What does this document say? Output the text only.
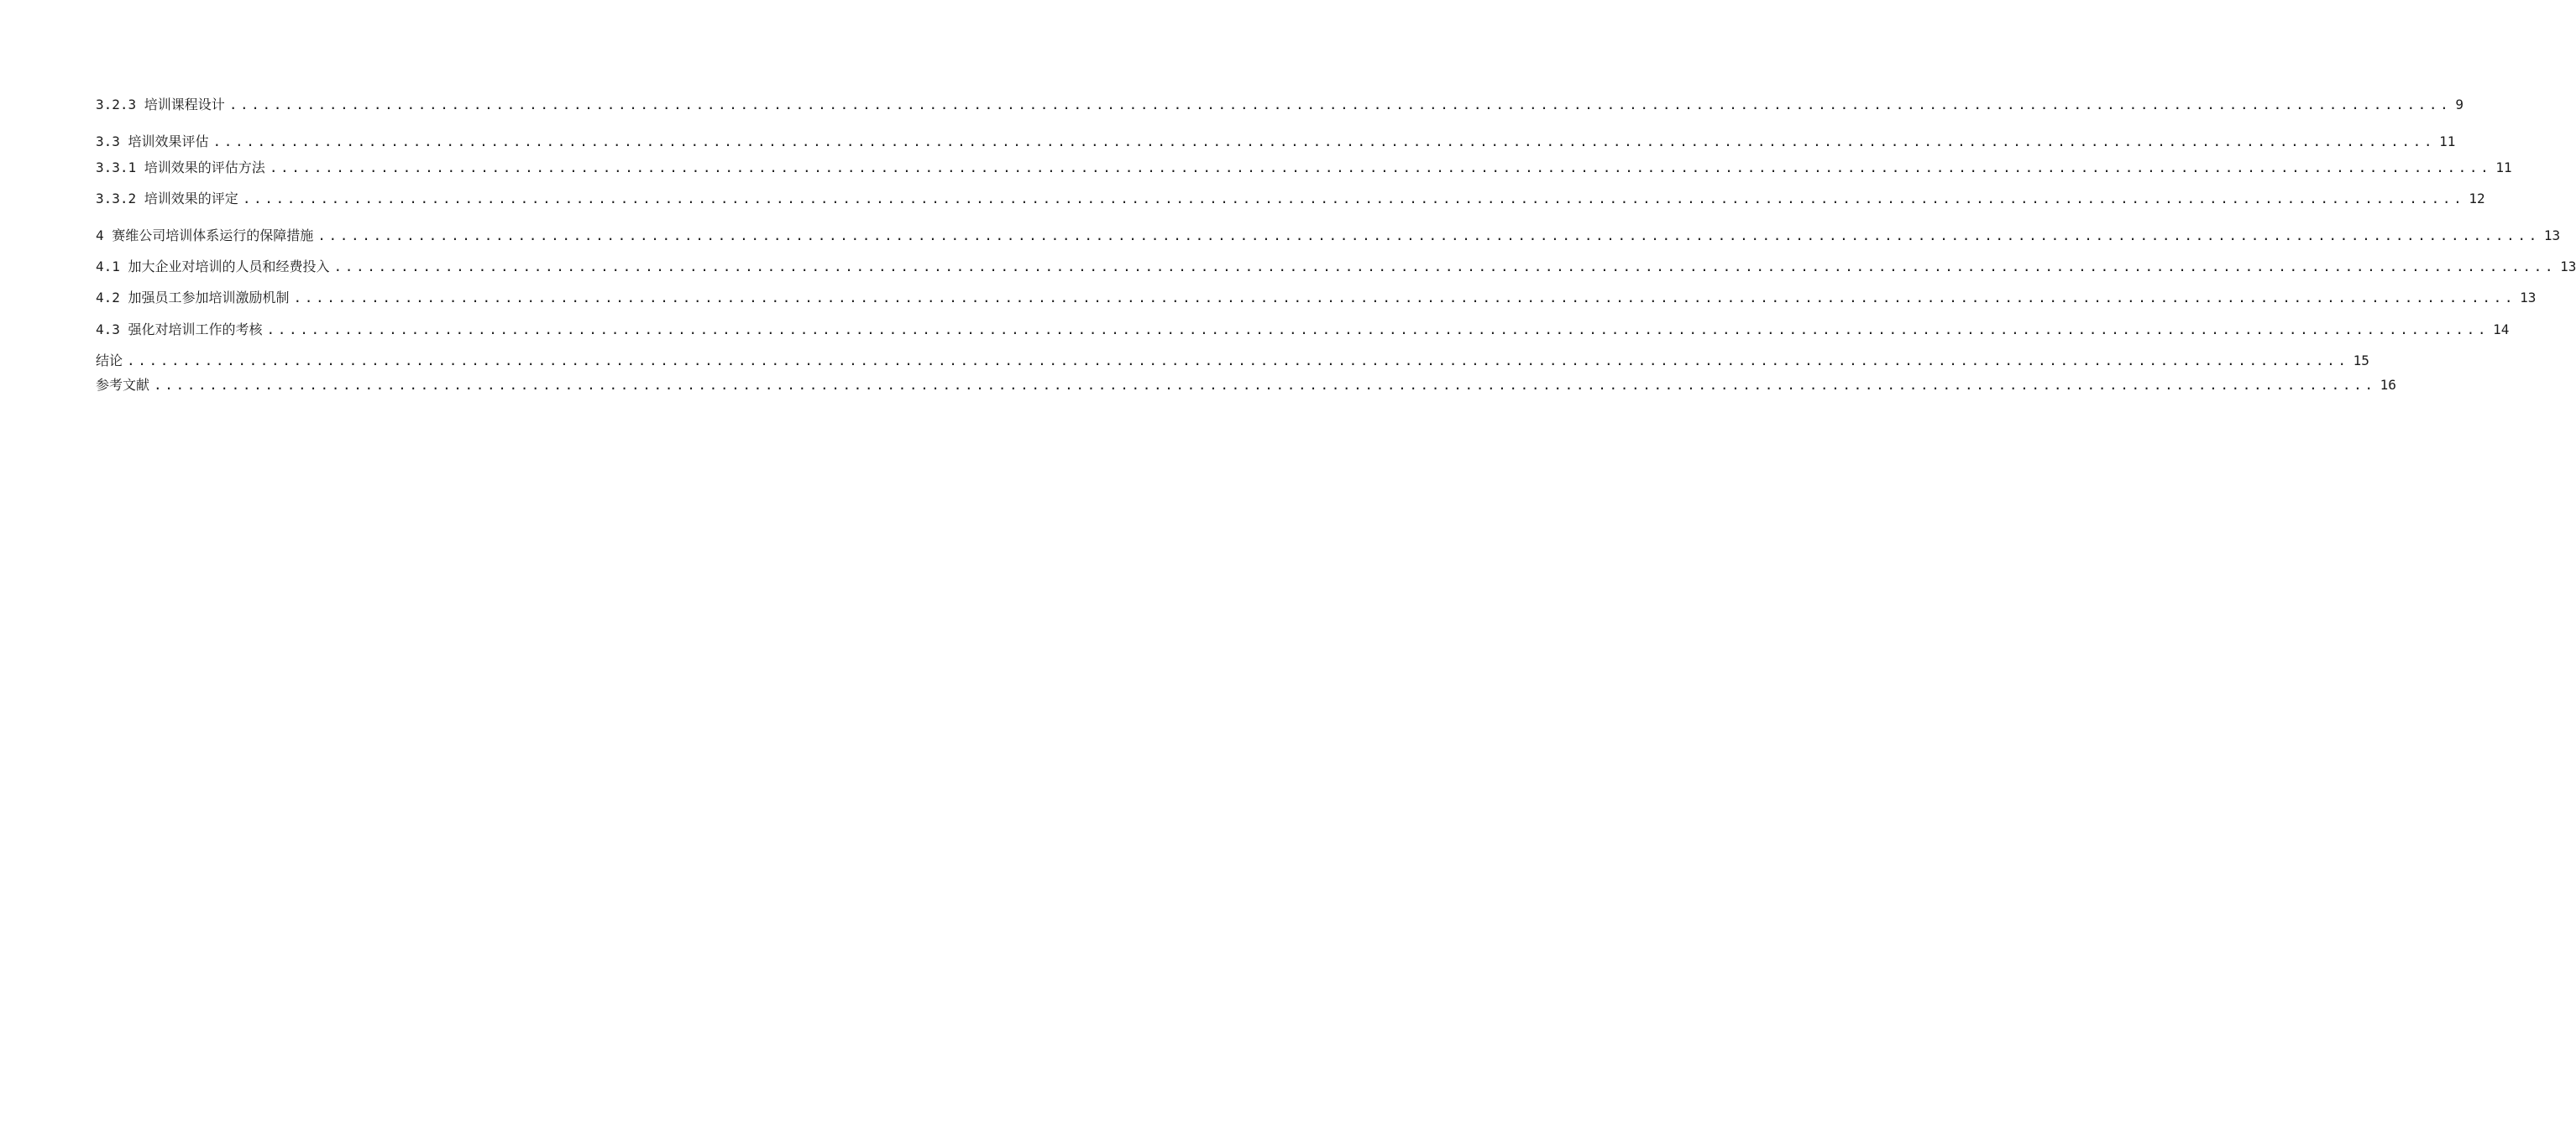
3.2.3 培训课程设计 ........................................................................................................................................................................................................ 9
3.3 培训效果评估 ........................................................................................................................................................................................................ 11
3.3.1 培训效果的评估方法 ........................................................................................................................................................................................................ 11
3.3.2 培训效果的评定 ........................................................................................................................................................................................................ 12
4 赛维公司培训体系运行的保障措施 ........................................................................................................................................................................................................ 13
4.1 加大企业对培训的人员和经费投入 ........................................................................................................................................................................................................ 13
4.2 加强员工参加培训激励机制 ........................................................................................................................................................................................................ 13
4.3 强化对培训工作的考核 ........................................................................................................................................................................................................ 14
结论 ........................................................................................................................................................................................................ 15
参考文献 ........................................................................................................................................................................................................ 16
